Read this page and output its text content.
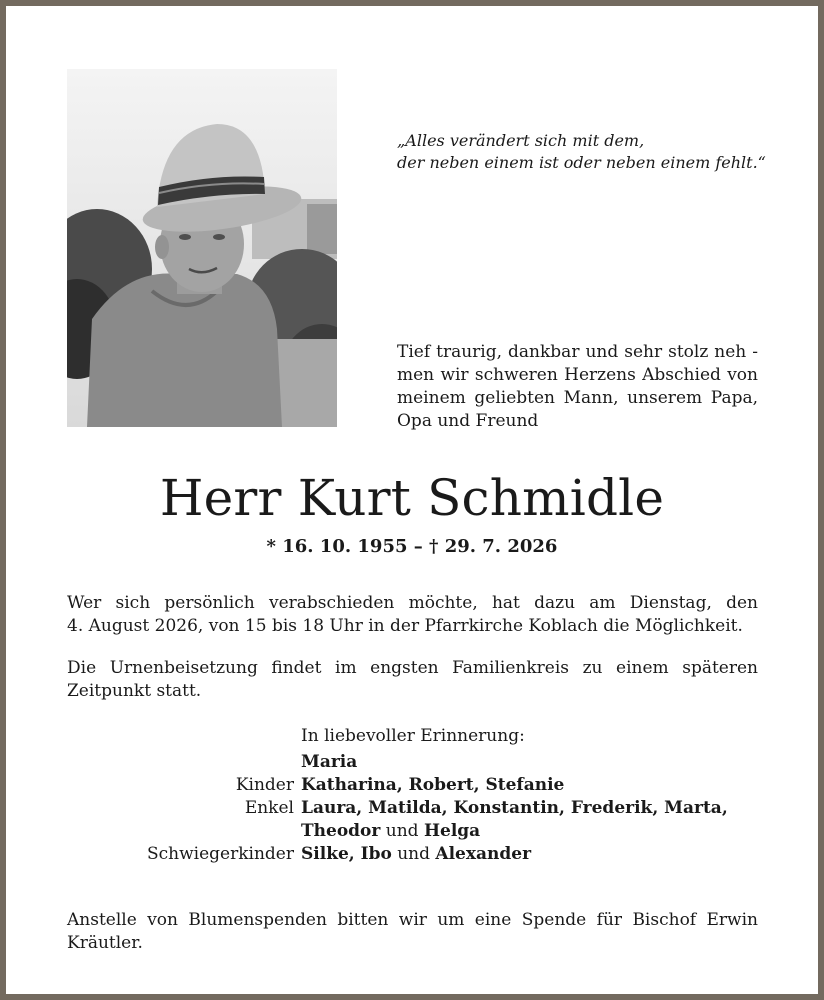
„Alles verändert sich mit dem,
der neben einem ist oder neben einem fehlt.“
Tief traurig, dankbar und sehr stolz neh - men wir schweren Herzens Abschied von meinem geliebten Mann, unserem Papa, Opa und Freund
Herr Kurt Schmidle
* 16. 10. 1955 – † 29. 7. 2026
Wer sich persönlich verabschieden möchte, hat dazu am Dienstag, den
4. August 2026, von 15 bis 18 Uhr in der Pfarrkirche Koblach die Möglichkeit.
Die Urnenbeisetzung findet im engsten Familienkreis zu einem späteren
Zeitpunkt statt.
In liebevoller Erinnerung:
Maria
Kinder Katharina, Robert, Stefanie
Enkel Laura, Matilda, Konstantin, Frederik, Marta,
Theodor und Helga
Schwiegerkinder Silke, Ibo und Alexander
Anstelle von Blumenspenden bitten wir um eine Spende für Bischof Erwin
Kräutler.
